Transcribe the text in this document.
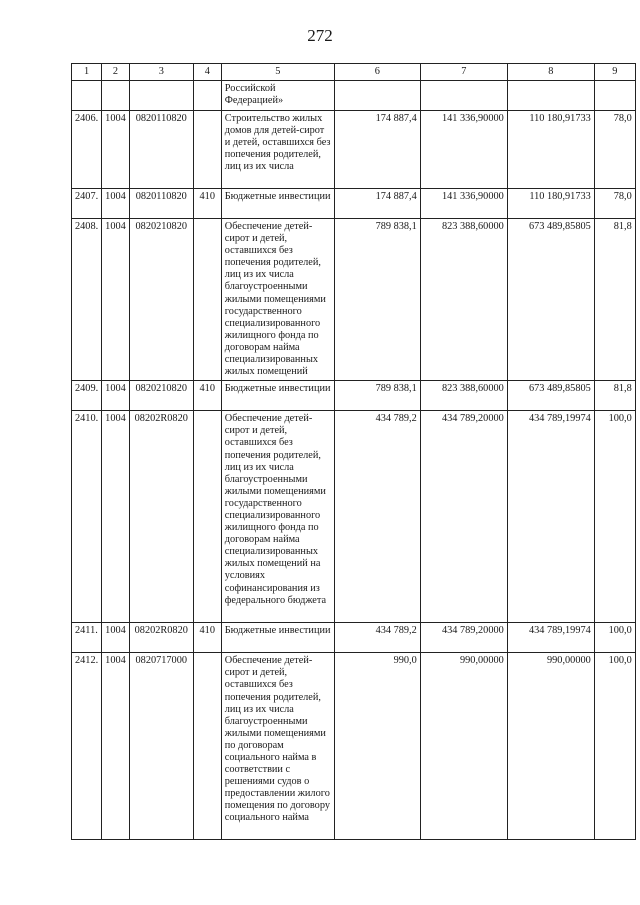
272
1	2	3	4	5	6	7	8	9
				Российской Федерацией»				
2406.	1004	0820110820		Строительство жилых домов для детей-сирот и детей, оставшихся без попечения родителей, лиц из их числа	174 887,4	141 336,90000	110 180,91733	78,0
2407.	1004	0820110820	410	Бюджетные инвестиции	174 887,4	141 336,90000	110 180,91733	78,0
2408.	1004	0820210820		Обеспечение детей-сирот и детей, оставшихся без попечения родителей, лиц из их числа благоустроенными жилыми помещениями государственного специализированного жилищного фонда по договорам найма специализированных жилых помещений	789 838,1	823 388,60000	673 489,85805	81,8
2409.	1004	0820210820	410	Бюджетные инвестиции	789 838,1	823 388,60000	673 489,85805	81,8
2410.	1004	08202R0820		Обеспечение детей-сирот и детей, оставшихся без попечения родителей, лиц из их числа благоустроенными жилыми помещениями государственного специализированного жилищного фонда по договорам найма специализированных жилых помещений на условиях софинансирования из федерального бюджета	434 789,2	434 789,20000	434 789,19974	100,0
2411.	1004	08202R0820	410	Бюджетные инвестиции	434 789,2	434 789,20000	434 789,19974	100,0
2412.	1004	0820717000		Обеспечение детей-сирот и детей, оставшихся без попечения родителей, лиц из их числа благоустроенными жилыми помещениями по договорам социального найма в соответствии с решениями судов о предоставлении жилого помещения по договору социального найма	990,0	990,00000	990,00000	100,0
